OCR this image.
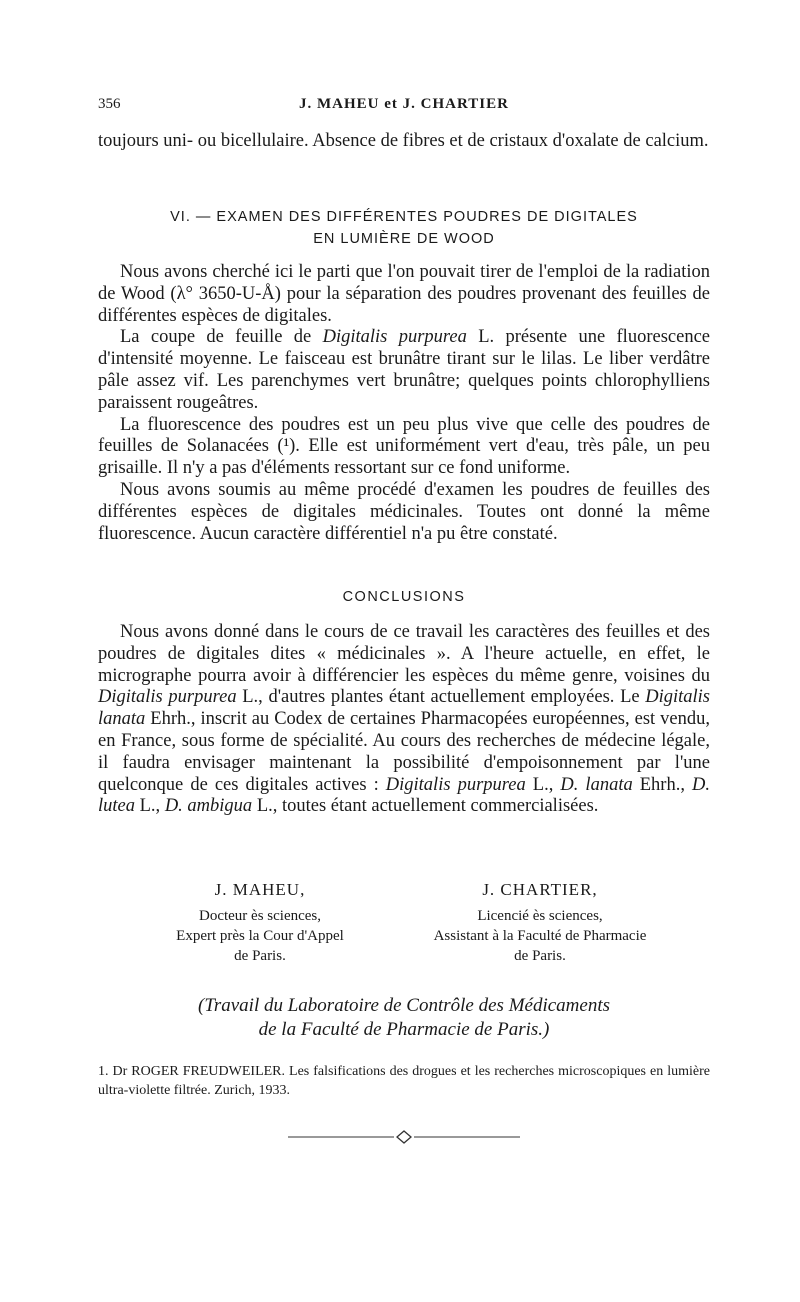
356	J. MAHEU et J. CHARTIER

toujours uni- ou bicellulaire. Absence de fibres et de cristaux d'oxalate de calcium.

VI. — EXAMEN DES DIFFÉRENTES POUDRES DE DIGITALES
EN LUMIÈRE DE WOOD

Nous avons cherché ici le parti que l'on pouvait tirer de l'emploi de la radiation de Wood (λ° 3650-U-Å) pour la séparation des poudres provenant des feuilles de différentes espèces de digitales.

La coupe de feuille de Digitalis purpurea L. présente une fluorescence d'intensité moyenne. Le faisceau est brunâtre tirant sur le lilas. Le liber verdâtre pâle assez vif. Les parenchymes vert brunâtre; quelques points chlorophylliens paraissent rougeâtres.

La fluorescence des poudres est un peu plus vive que celle des poudres de feuilles de Solanacées (¹). Elle est uniformément vert d'eau, très pâle, un peu grisaille. Il n'y a pas d'éléments ressortant sur ce fond uniforme.

Nous avons soumis au même procédé d'examen les poudres de feuilles des différentes espèces de digitales médicinales. Toutes ont donné la même fluorescence. Aucun caractère différentiel n'a pu être constaté.

CONCLUSIONS

Nous avons donné dans le cours de ce travail les caractères des feuilles et des poudres de digitales dites « médicinales ». A l'heure actuelle, en effet, le micrographe pourra avoir à différencier les espèces du même genre, voisines du Digitalis purpurea L., d'autres plantes étant actuellement employées. Le Digitalis lanata Ehrh., inscrit au Codex de certaines Pharmacopées européennes, est vendu, en France, sous forme de spécialité. Au cours des recherches de médecine légale, il faudra envisager maintenant la possibilité d'empoisonnement par l'une quelconque de ces digitales actives : Digitalis purpurea L., D. lanata Ehrh., D. lutea L., D. ambigua L., toutes étant actuellement commercialisées.

J. MAHEU,
Docteur ès sciences,
Expert près la Cour d'Appel
de Paris.
J. CHARTIER,
Licencié ès sciences,
Assistant à la Faculté de Pharmacie
de Paris.
(Travail du Laboratoire de Contrôle des Médicaments
de la Faculté de Pharmacie de Paris.)
1. Dr ROGER FREUDWEILER. Les falsifications des drogues et les recherches microscopiques en lumière ultra-violette filtrée. Zurich, 1933.
